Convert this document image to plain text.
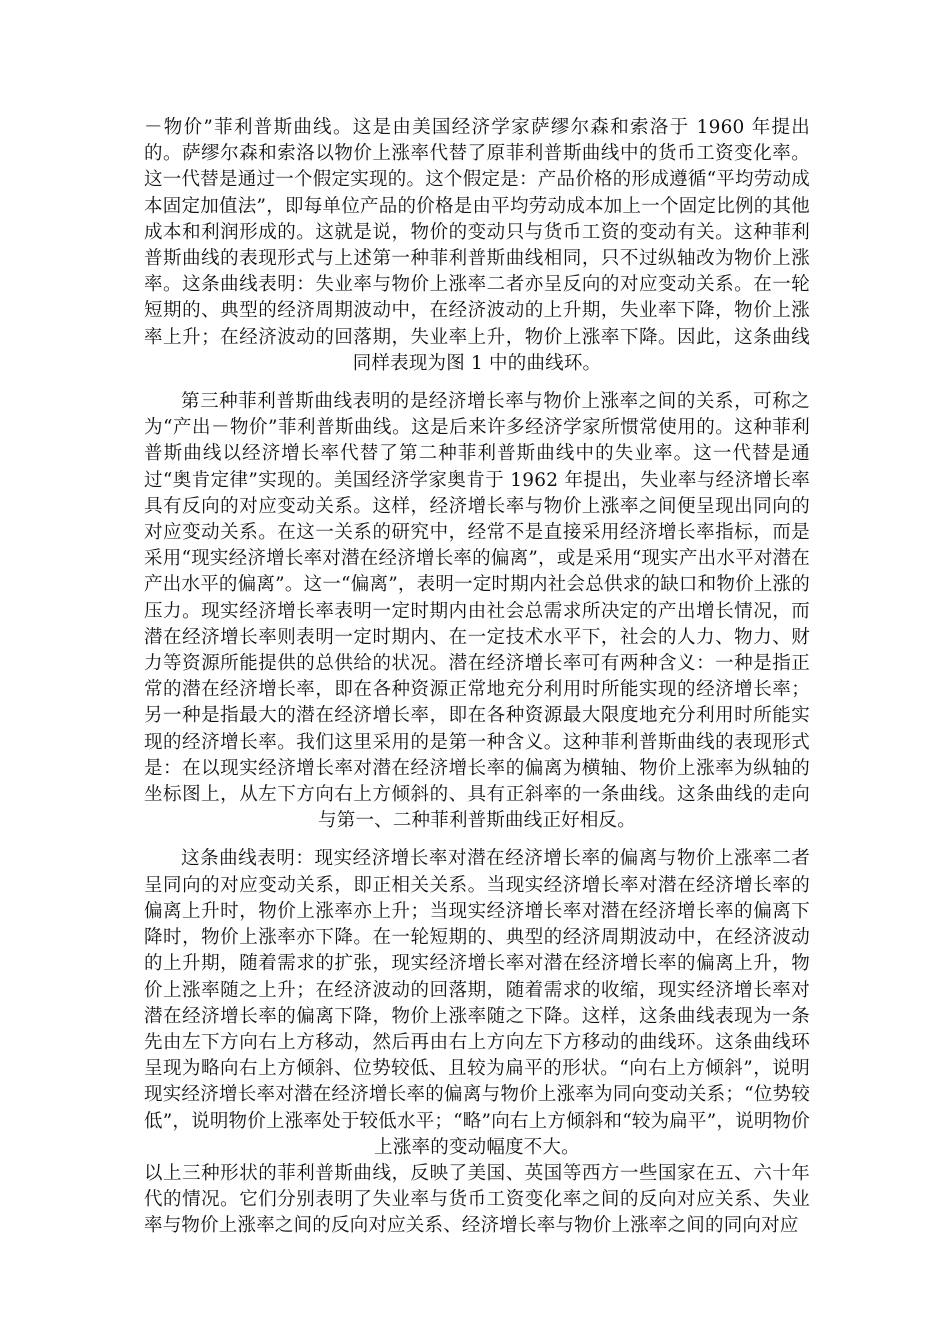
－物价”菲利普斯曲线。这是由美国经济学家萨缪尔森和索洛于 1960 年提出的。萨缪尔森和索洛以物价上涨率代替了原菲利普斯曲线中的货币工资变化率。这一代替是通过一个假定实现的。这个假定是：产品价格的形成遵循“平均劳动成本固定加值法”，即每单位产品的价格是由平均劳动成本加上一个固定比例的其他成本和利润形成的。这就是说，物价的变动只与货币工资的变动有关。这种菲利普斯曲线的表现形式与上述第一种菲利普斯曲线相同，只不过纵轴改为物价上涨率。这条曲线表明：失业率与物价上涨率二者亦呈反向的对应变动关系。在一轮短期的、典型的经济周期波动中，在经济波动的上升期，失业率下降，物价上涨率上升；在经济波动的回落期，失业率上升，物价上涨率下降。因此，这条曲线同样表现为图 1 中的曲线环。

第三种菲利普斯曲线表明的是经济增长率与物价上涨率之间的关系，可称之为“产出－物价”菲利普斯曲线。这是后来许多经济学家所惯常使用的。这种菲利普斯曲线以经济增长率代替了第二种菲利普斯曲线中的失业率。这一代替是通过“奥肯定律”实现的。美国经济学家奥肯于 1962 年提出，失业率与经济增长率具有反向的对应变动关系。这样，经济增长率与物价上涨率之间便呈现出同向的对应变动关系。在这一关系的研究中，经常不是直接采用经济增长率指标，而是采用“现实经济增长率对潜在经济增长率的偏离”，或是采用“现实产出水平对潜在产出水平的偏离”。这一“偏离”，表明一定时期内社会总供求的缺口和物价上涨的压力。现实经济增长率表明一定时期内由社会总需求所决定的产出增长情况，而潜在经济增长率则表明一定时期内、在一定技术水平下，社会的人力、物力、财力等资源所能提供的总供给的状况。潜在经济增长率可有两种含义：一种是指正常的潜在经济增长率，即在各种资源正常地充分利用时所能实现的经济增长率；另一种是指最大的潜在经济增长率，即在各种资源最大限度地充分利用时所能实现的经济增长率。我们这里采用的是第一种含义。这种菲利普斯曲线的表现形式是：在以现实经济增长率对潜在经济增长率的偏离为横轴、物价上涨率为纵轴的坐标图上，从左下方向右上方倾斜的、具有正斜率的一条曲线。这条曲线的走向与第一、二种菲利普斯曲线正好相反。

这条曲线表明：现实经济增长率对潜在经济增长率的偏离与物价上涨率二者呈同向的对应变动关系，即正相关关系。当现实经济增长率对潜在经济增长率的偏离上升时，物价上涨率亦上升；当现实经济增长率对潜在经济增长率的偏离下降时，物价上涨率亦下降。在一轮短期的、典型的经济周期波动中，在经济波动的上升期，随着需求的扩张，现实经济增长率对潜在经济增长率的偏离上升，物价上涨率随之上升；在经济波动的回落期，随着需求的收缩，现实经济增长率对潜在经济增长率的偏离下降，物价上涨率随之下降。这样，这条曲线表现为一条先由左下方向右上方移动，然后再由右上方向左下方移动的曲线环。这条曲线环呈现为略向右上方倾斜、位势较低、且较为扁平的形状。“向右上方倾斜”，说明现实经济增长率对潜在经济增长率的偏离与物价上涨率为同向变动关系；“位势较低”，说明物价上涨率处于较低水平；“略”向右上方倾斜和“较为扁平”，说明物价上涨率的变动幅度不大。

以上三种形状的菲利普斯曲线，反映了美国、英国等西方一些国家在五、六十年代的情况。它们分别表明了失业率与货币工资变化率之间的反向对应关系、失业率与物价上涨率之间的反向对应关系、经济增长率与物价上涨率之间的同向对应
